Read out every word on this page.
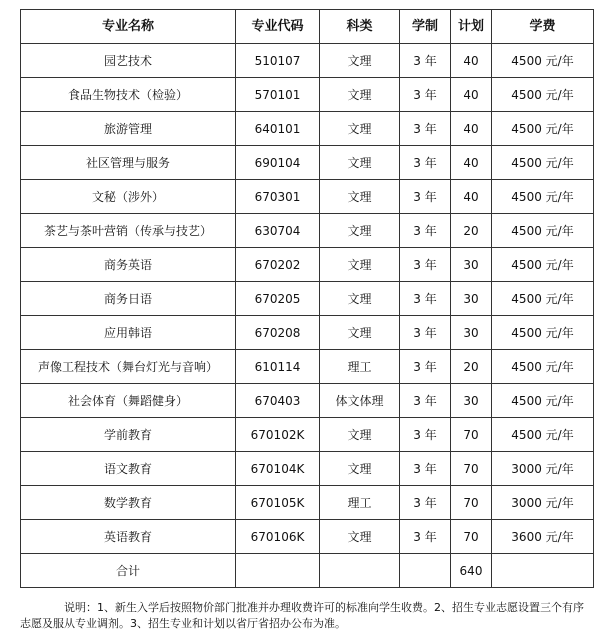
专业名称	专业代码	科类	学制	计划	学费
园艺技术	510107	文理	3 年	40	4500 元/年
食品生物技术（检验）	570101	文理	3 年	40	4500 元/年
旅游管理	640101	文理	3 年	40	4500 元/年
社区管理与服务	690104	文理	3 年	40	4500 元/年
文秘（涉外）	670301	文理	3 年	40	4500 元/年
茶艺与茶叶营销（传承与技艺）	630704	文理	3 年	20	4500 元/年
商务英语	670202	文理	3 年	30	4500 元/年
商务日语	670205	文理	3 年	30	4500 元/年
应用韩语	670208	文理	3 年	30	4500 元/年
声像工程技术（舞台灯光与音响）	610114	理工	3 年	20	4500 元/年
社会体育（舞蹈健身）	670403	体文体理	3 年	30	4500 元/年
学前教育	670102K	文理	3 年	70	4500 元/年
语文教育	670104K	文理	3 年	70	3000 元/年
数学教育	670105K	理工	3 年	70	3000 元/年
英语教育	670106K	文理	3 年	70	3600 元/年
合计				640	
说明：1、新生入学后按照物价部门批准并办理收费许可的标准向学生收费。2、招生专业志愿设置三个有序志愿及服从专业调剂。3、招生专业和计划以省厅省招办公布为准。
